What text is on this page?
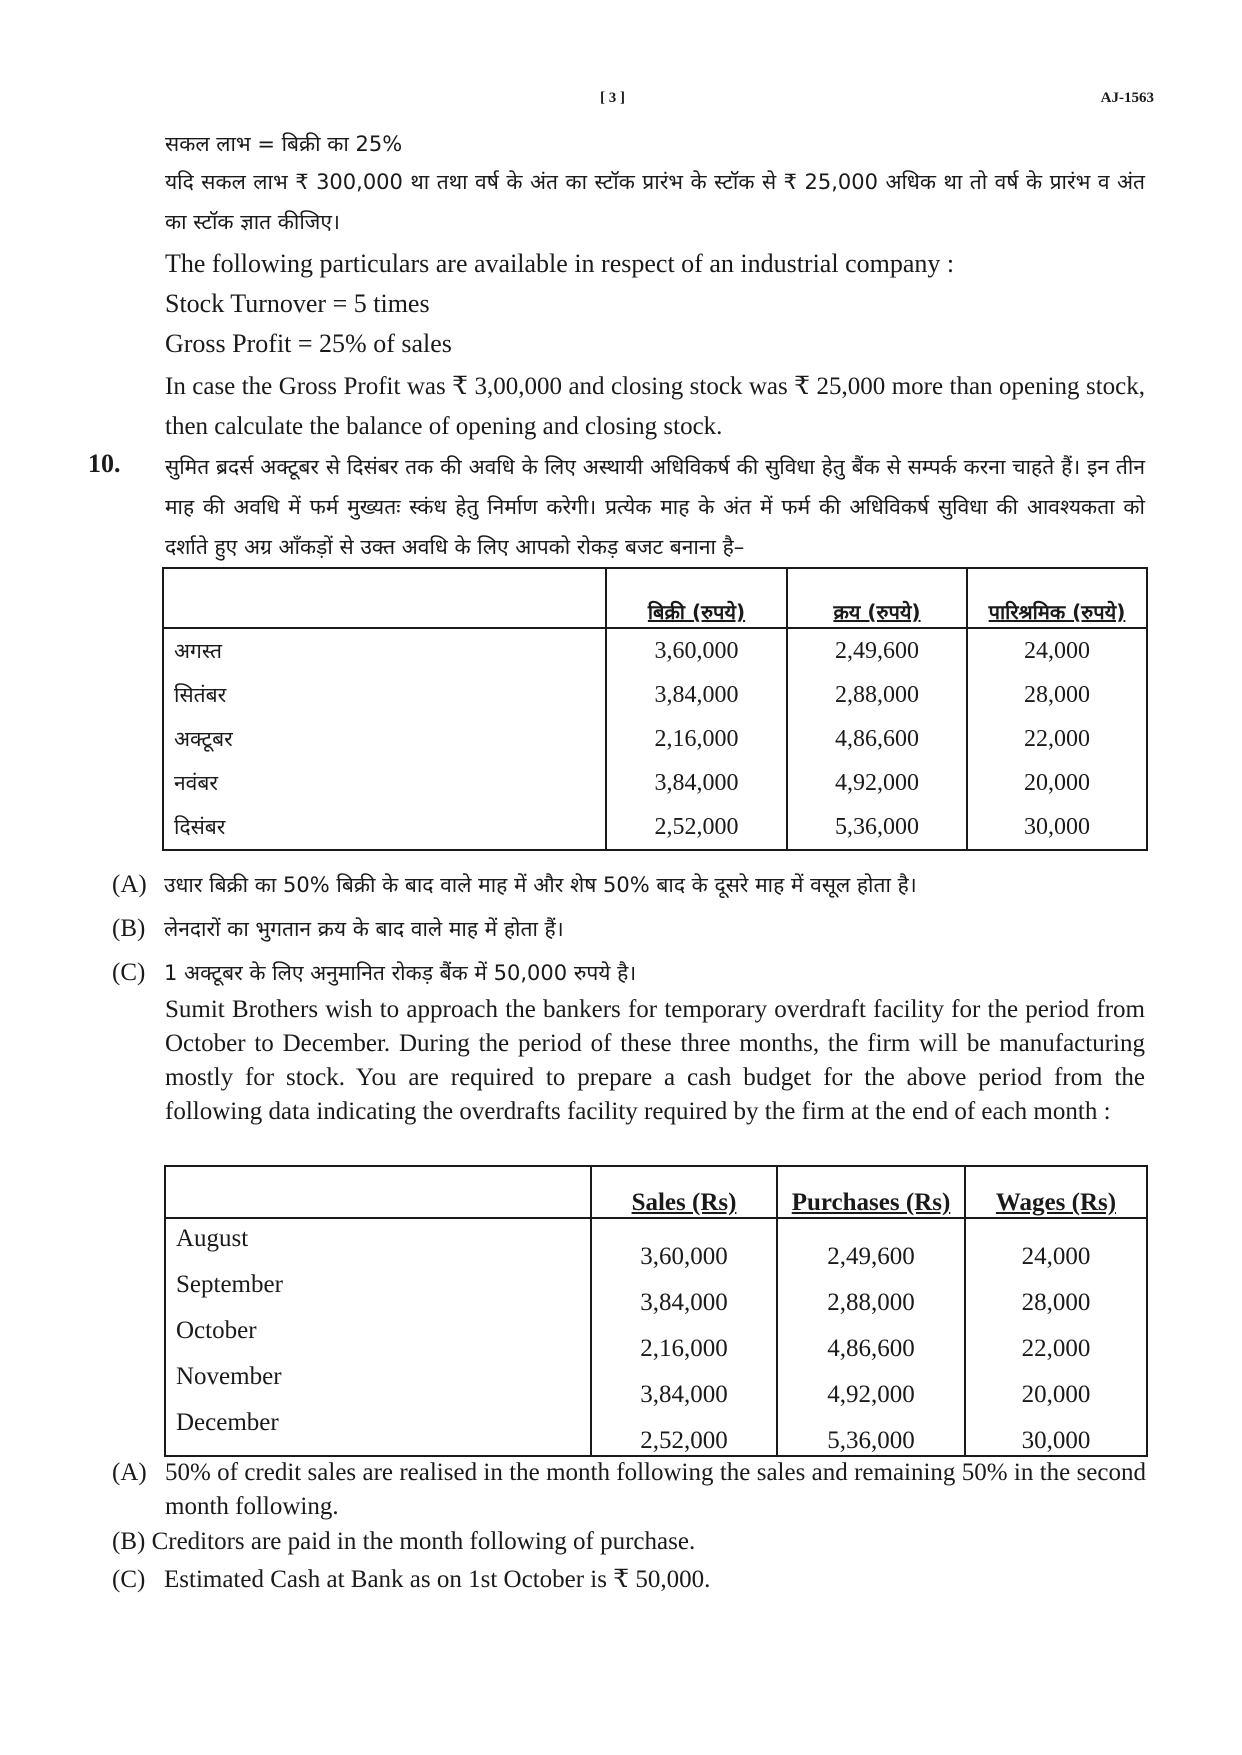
[ 3 ]	AJ-1563
सकल लाभ = बिक्री का 25%
यदि सकल लाभ ₹ 300,000 था तथा वर्ष के अंत का स्टॉक प्रारंभ के स्टॉक से ₹ 25,000 अधिक था तो वर्ष के प्रारंभ व अंत का स्टॉक ज्ञात कीजिए।
The following particulars are available in respect of an industrial company :
Stock Turnover = 5 times
Gross Profit = 25% of sales
In case the Gross Profit was ₹ 3,00,000 and closing stock was ₹ 25,000 more than opening stock, then calculate the balance of opening and closing stock.
10. सुमित ब्रदर्स अक्टूबर से दिसंबर तक की अवधि के लिए अस्थायी अधिविकर्ष की सुविधा हेतु बैंक से सम्पर्क करना चाहते हैं। इन तीन माह की अवधि में फर्म मुख्यतः स्कंध हेतु निर्माण करेगी। प्रत्येक माह के अंत में फर्म की अधिविकर्ष सुविधा की आवश्यकता को दर्शाते हुए अग्र आँकड़ों से उक्त अवधि के लिए आपको रोकड़ बजट बनाना है–
	बिक्री (रुपये)	क्रय (रुपये)	पारिश्रमिक (रुपये)
अगस्त	3,60,000	2,49,600	24,000
सितंबर	3,84,000	2,88,000	28,000
अक्टूबर	2,16,000	4,86,600	22,000
नवंबर	3,84,000	4,92,000	20,000
दिसंबर	2,52,000	5,36,000	30,000
(A) उधार बिक्री का 50% बिक्री के बाद वाले माह में और शेष 50% बाद के दूसरे माह में वसूल होता है।
(B) लेनदारों का भुगतान क्रय के बाद वाले माह में होता हैं।
(C) 1 अक्टूबर के लिए अनुमानित रोकड़ बैंक में 50,000 रुपये है।
Sumit Brothers wish to approach the bankers for temporary overdraft facility for the period from October to December. During the period of these three months, the firm will be manufacturing mostly for stock. You are required to prepare a cash budget for the above period from the following data indicating the overdrafts facility required by the firm at the end of each month :
	Sales (Rs)	Purchases (Rs)	Wages (Rs)
August	3,60,000	2,49,600	24,000
September	3,84,000	2,88,000	28,000
October	2,16,000	4,86,600	22,000
November	3,84,000	4,92,000	20,000
December	2,52,000	5,36,000	30,000
(A) 50% of credit sales are realised in the month following the sales and remaining 50% in the second month following.
(B) Creditors are paid in the month following of purchase.
(C) Estimated Cash at Bank as on 1st October is ₹ 50,000.
